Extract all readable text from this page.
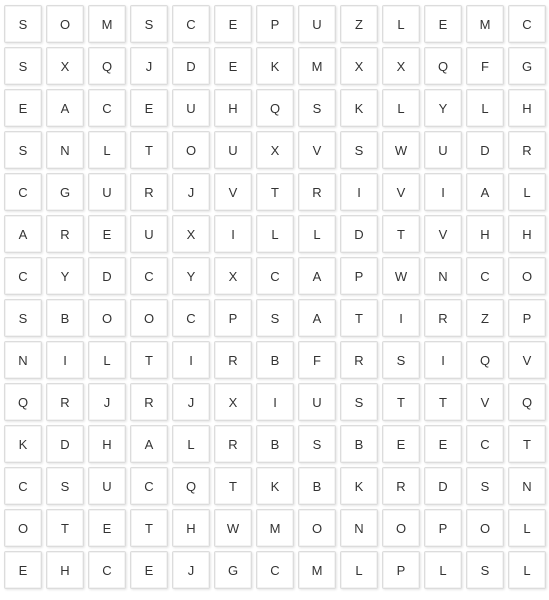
S	O	M	S	C	E	P	U	Z	L	E	M	C
S	X	Q	J	D	E	K	M	X	X	Q	F	G
E	A	C	E	U	H	Q	S	K	L	Y	L	H
S	N	L	T	O	U	X	V	S	W	U	D	R
C	G	U	R	J	V	T	R	I	V	I	A	L
A	R	E	U	X	I	L	L	D	T	V	H	H
C	Y	D	C	Y	X	C	A	P	W	N	C	O
S	B	O	O	C	P	S	A	T	I	R	Z	P
N	I	L	T	I	R	B	F	R	S	I	Q	V
Q	R	J	R	J	X	I	U	S	T	T	V	Q
K	D	H	A	L	R	B	S	B	E	E	C	T
C	S	U	C	Q	T	K	B	K	R	D	S	N
O	T	E	T	H	W	M	O	N	O	P	O	L
E	H	C	E	J	G	C	M	L	P	L	S	L
